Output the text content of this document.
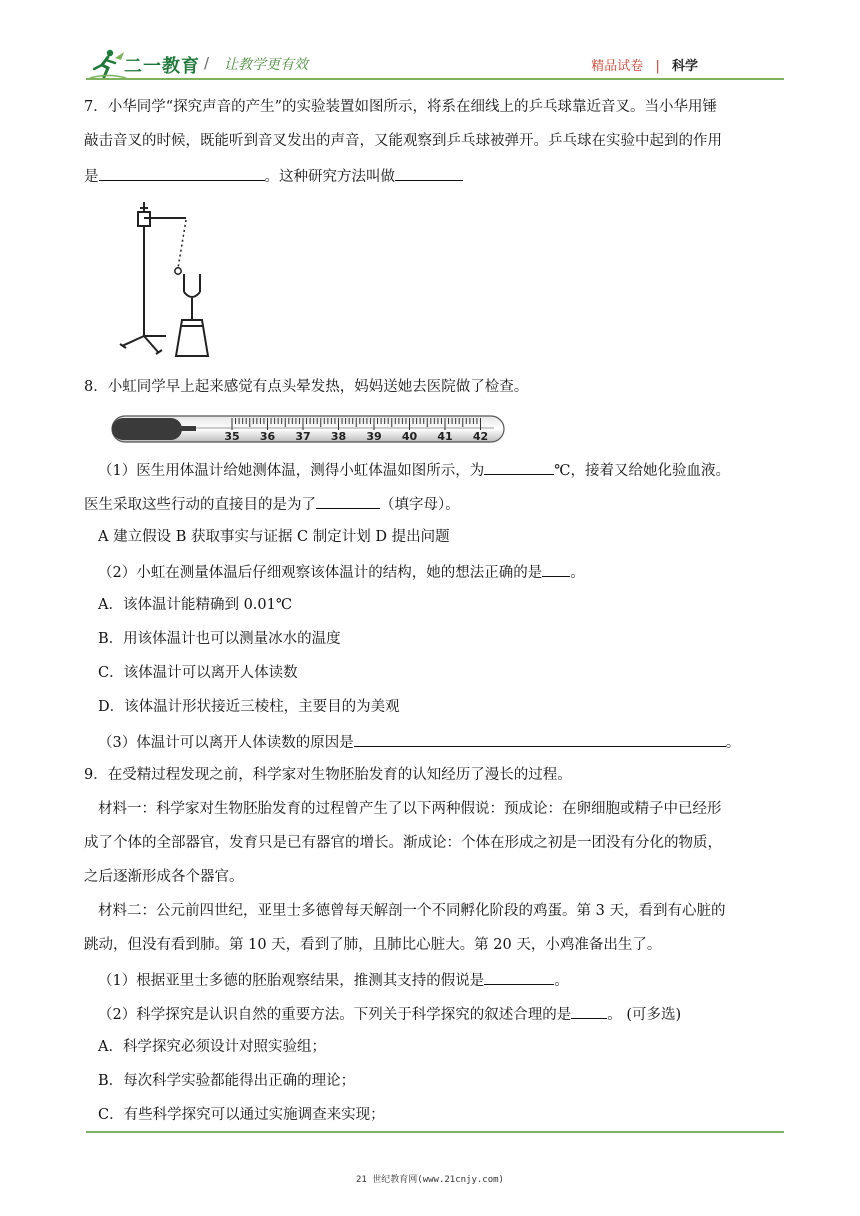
二一教育 / 让教学更有效	精品试卷 | 科学
7．小华同学“探究声音的产生”的实验装置如图所示，将系在细线上的乒乓球靠近音叉。当小华用锤
敲击音叉的时候，既能听到音叉发出的声音，又能观察到乒乓球被弹开。乒乓球在实验中起到的作用
是	。这种研究方法叫做
8．小虹同学早上起来感觉有点头晕发热，妈妈送她去医院做了检查。
（1）医生用体温计给她测体温，测得小虹体温如图所示，为	℃，接着又给她化验血液。
医生采取这些行动的直接目的是为了	（填字母）。
A 建立假设 B 获取事实与证据 C 制定计划 D 提出问题
（2）小虹在测量体温后仔细观察该体温计的结构，她的想法正确的是 。
A．该体温计能精确到 0.01℃
B．用该体温计也可以测量冰水的温度
C．该体温计可以离开人体读数
D．该体温计形状接近三棱柱，主要目的为美观
（3）体温计可以离开人体读数的原因是	。
9．在受精过程发现之前，科学家对生物胚胎发育的认知经历了漫长的过程。
材料一：科学家对生物胚胎发育的过程曾产生了以下两种假说：预成论：在卵细胞或精子中已经形
成了个体的全部器官，发育只是已有器官的增长。渐成论：个体在形成之初是一团没有分化的物质，
之后逐渐形成各个器官。
材料二：公元前四世纪，亚里士多德曾每天解剖一个不同孵化阶段的鸡蛋。第 3 天，看到有心脏的
跳动，但没有看到肺。第 10 天，看到了肺，且肺比心脏大。第 20 天，小鸡准备出生了。
（1）根据亚里士多德的胚胎观察结果，推测其支持的假说是	。
（2）科学探究是认识自然的重要方法。下列关于科学探究的叙述合理的是 。 (可多选)
A．科学探究必须设计对照实验组；
B．每次科学实验都能得出正确的理论；
C．有些科学探究可以通过实施调查来实现；
35 36 37 38 39 40 41 42
21 世纪教育网(www.21cnjy.com)
